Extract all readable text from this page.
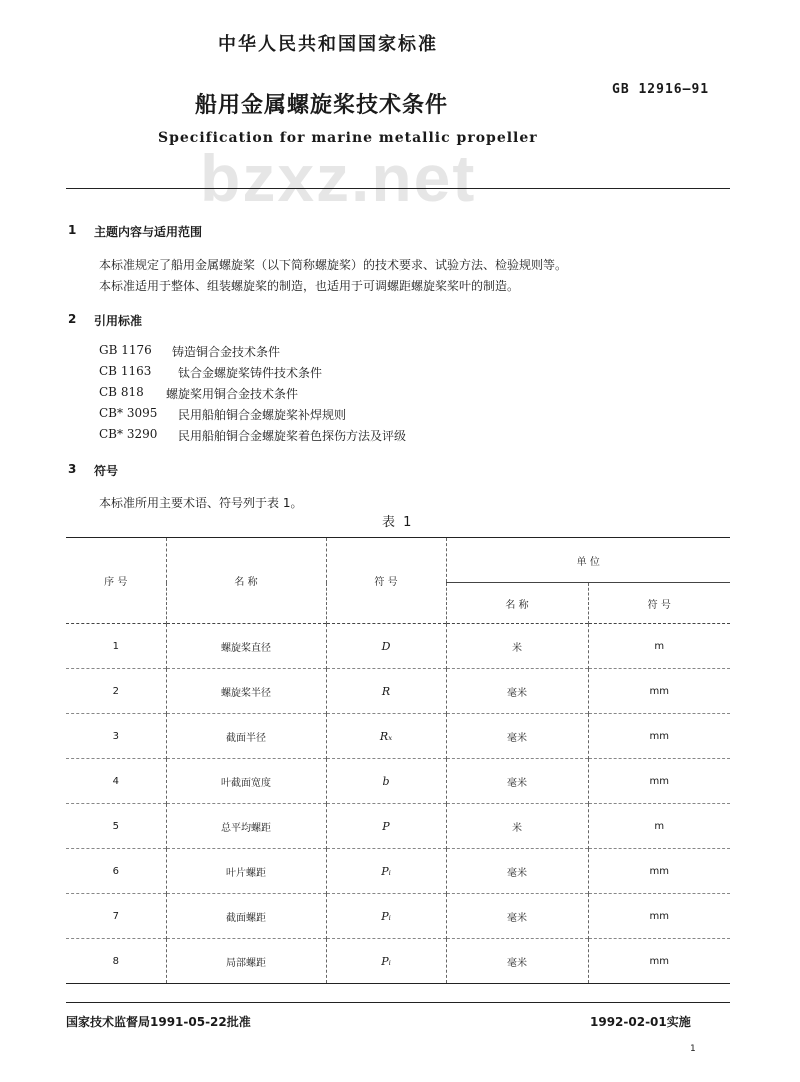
中华人民共和国国家标准
船用金属螺旋桨技术条件
GB 12916—91
bzxz.net
Specification for marine metallic propeller
1 主题内容与适用范围
本标准规定了船用金属螺旋桨（以下简称螺旋桨）的技术要求、试验方法、检验规则等。
本标准适用于整体、组装螺旋桨的制造，也适用于可调螺距螺旋桨桨叶的制造。
2 引用标准
GB 1176 铸造铜合金技术条件
CB 1163 钛合金螺旋桨铸件技术条件
CB 818 螺旋桨用铜合金技术条件
CB* 3095 民用船舶铜合金螺旋桨补焊规则
CB* 3290 民用船舶铜合金螺旋桨着色探伤方法及评级
3 符号
本标准所用主要术语、符号列于表 1。
表 1
序 号	名 称	符 号	单 位	
			名 称	符 号
1	螺旋桨直径	D	米	m
2	螺旋桨半径	R	毫米	mm
3	截面半径	Rₓ	毫米	mm
4	叶截面宽度	b	毫米	mm
5	总平均螺距	P	米	m
6	叶片螺距	Pᵢ	毫米	mm
7	截面螺距	Pᵢ	毫米	mm
8	局部螺距	Pᵢ	毫米	mm
国家技术监督局1991-05-22批准	1992-02-01实施
1
